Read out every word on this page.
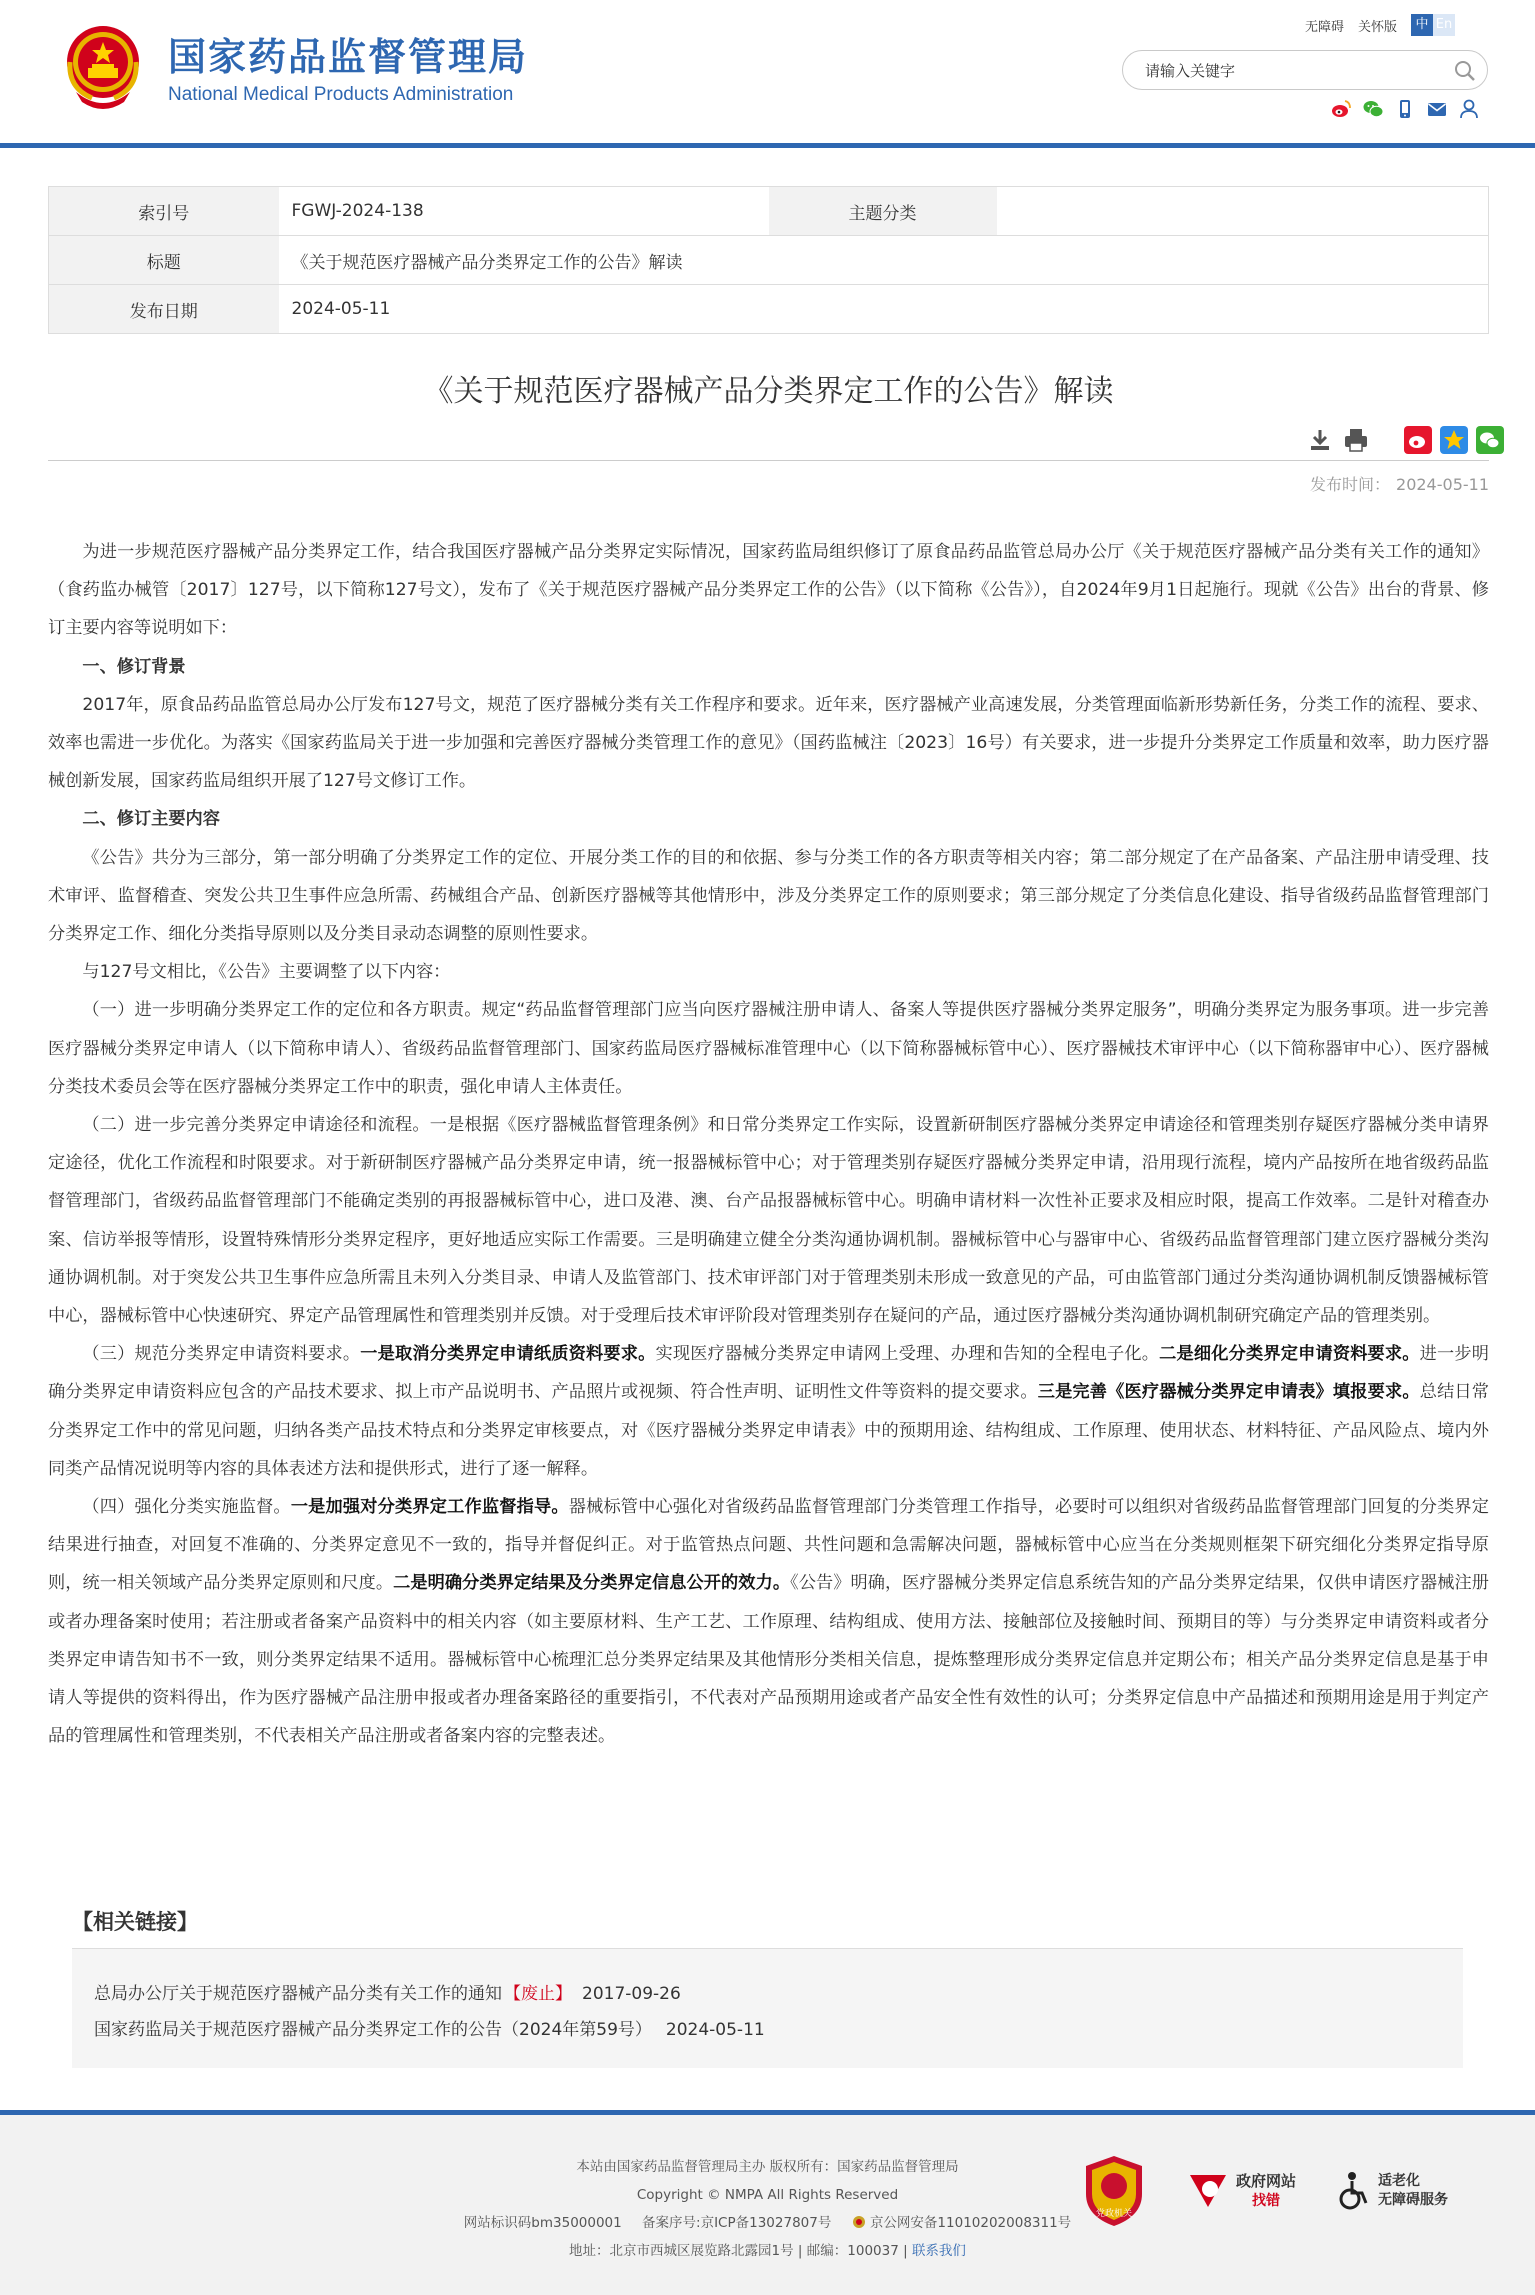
国家药品监督管理局
National Medical Products Administration
无障碍 关怀版	中 En
请输入关键字
索引号	FGWJ-2024-138	主题分类	
标题	《关于规范医疗器械产品分类界定工作的公告》解读		
发布日期	2024-05-11		
《关于规范医疗器械产品分类界定工作的公告》解读
发布时间： 2024-05-11

为进一步规范医疗器械产品分类界定工作，结合我国医疗器械产品分类界定实际情况，国家药监局组织修订了原食品药品监管总局办公厅《关于规范医疗器械产品分类有关工作的通知》（食药监办械管〔2017〕127号，以下简称127号文），发布了《关于规范医疗器械产品分类界定工作的公告》（以下简称《公告》），自2024年9月1日起施行。现就《公告》出台的背景、修订主要内容等说明如下：

一、修订背景

2017年，原食品药品监管总局办公厅发布127号文，规范了医疗器械分类有关工作程序和要求。近年来，医疗器械产业高速发展，分类管理面临新形势新任务，分类工作的流程、要求、效率也需进一步优化。为落实《国家药监局关于进一步加强和完善医疗器械分类管理工作的意见》（国药监械注〔2023〕16号）有关要求，进一步提升分类界定工作质量和效率，助力医疗器械创新发展，国家药监局组织开展了127号文修订工作。

二、修订主要内容

《公告》共分为三部分，第一部分明确了分类界定工作的定位、开展分类工作的目的和依据、参与分类工作的各方职责等相关内容；第二部分规定了在产品备案、产品注册申请受理、技术审评、监督稽查、突发公共卫生事件应急所需、药械组合产品、创新医疗器械等其他情形中，涉及分类界定工作的原则要求；第三部分规定了分类信息化建设、指导省级药品监督管理部门分类界定工作、细化分类指导原则以及分类目录动态调整的原则性要求。

与127号文相比，《公告》主要调整了以下内容：

（一）进一步明确分类界定工作的定位和各方职责。规定“药品监督管理部门应当向医疗器械注册申请人、备案人等提供医疗器械分类界定服务”，明确分类界定为服务事项。进一步完善医疗器械分类界定申请人（以下简称申请人）、省级药品监督管理部门、国家药监局医疗器械标准管理中心（以下简称器械标管中心）、医疗器械技术审评中心（以下简称器审中心）、医疗器械分类技术委员会等在医疗器械分类界定工作中的职责，强化申请人主体责任。

（二）进一步完善分类界定申请途径和流程。一是根据《医疗器械监督管理条例》和日常分类界定工作实际，设置新研制医疗器械分类界定申请途径和管理类别存疑医疗器械分类申请界定途径，优化工作流程和时限要求。对于新研制医疗器械产品分类界定申请，统一报器械标管中心；对于管理类别存疑医疗器械分类界定申请，沿用现行流程，境内产品按所在地省级药品监督管理部门，省级药品监督管理部门不能确定类别的再报器械标管中心，进口及港、澳、台产品报器械标管中心。明确申请材料一次性补正要求及相应时限，提高工作效率。二是针对稽查办案、信访举报等情形，设置特殊情形分类界定程序，更好地适应实际工作需要。三是明确建立健全分类沟通协调机制。器械标管中心与器审中心、省级药品监督管理部门建立医疗器械分类沟通协调机制。对于突发公共卫生事件应急所需且未列入分类目录、申请人及监管部门、技术审评部门对于管理类别未形成一致意见的产品，可由监管部门通过分类沟通协调机制反馈器械标管中心，器械标管中心快速研究、界定产品管理属性和管理类别并反馈。对于受理后技术审评阶段对管理类别存在疑问的产品，通过医疗器械分类沟通协调机制研究确定产品的管理类别。

（三）规范分类界定申请资料要求。一是取消分类界定申请纸质资料要求。实现医疗器械分类界定申请网上受理、办理和告知的全程电子化。二是细化分类界定申请资料要求。进一步明确分类界定申请资料应包含的产品技术要求、拟上市产品说明书、产品照片或视频、符合性声明、证明性文件等资料的提交要求。三是完善《医疗器械分类界定申请表》填报要求。总结日常分类界定工作中的常见问题，归纳各类产品技术特点和分类界定审核要点，对《医疗器械分类界定申请表》中的预期用途、结构组成、工作原理、使用状态、材料特征、产品风险点、境内外同类产品情况说明等内容的具体表述方法和提供形式，进行了逐一解释。

（四）强化分类实施监督。一是加强对分类界定工作监督指导。器械标管中心强化对省级药品监督管理部门分类管理工作指导，必要时可以组织对省级药品监督管理部门回复的分类界定结果进行抽查，对回复不准确的、分类界定意见不一致的，指导并督促纠正。对于监管热点问题、共性问题和急需解决问题，器械标管中心应当在分类规则框架下研究细化分类界定指导原则，统一相关领域产品分类界定原则和尺度。二是明确分类界定结果及分类界定信息公开的效力。《公告》明确，医疗器械分类界定信息系统告知的产品分类界定结果，仅供申请医疗器械注册或者办理备案时使用；若注册或者备案产品资料中的相关内容（如主要原材料、生产工艺、工作原理、结构组成、使用方法、接触部位及接触时间、预期目的等）与分类界定申请资料或者分类界定申请告知书不一致，则分类界定结果不适用。器械标管中心梳理汇总分类界定结果及其他情形分类相关信息，提炼整理形成分类界定信息并定期公布；相关产品分类界定信息是基于申请人等提供的资料得出，作为医疗器械产品注册申报或者办理备案路径的重要指引，不代表对产品预期用途或者产品安全性有效性的认可；分类界定信息中产品描述和预期用途是用于判定产品的管理属性和管理类别，不代表相关产品注册或者备案内容的完整表述。

【相关链接】
总局办公厅关于规范医疗器械产品分类有关工作的通知 【废止】 2017-09-26
国家药监局关于规范医疗器械产品分类界定工作的公告（2024年第59号） 2024-05-11
本站由国家药品监督管理局主办 版权所有：国家药品监督管理局
Copyright © NMPA All Rights Reserved
网站标识码bm35000001 备案序号:京ICP备13027807号	京公网安备11010202008311号
地址：北京市西城区展览路北露园1号 | 邮编：100037 | 联系我们
党政机关
政府网站
找错
适老化
无障碍服务
